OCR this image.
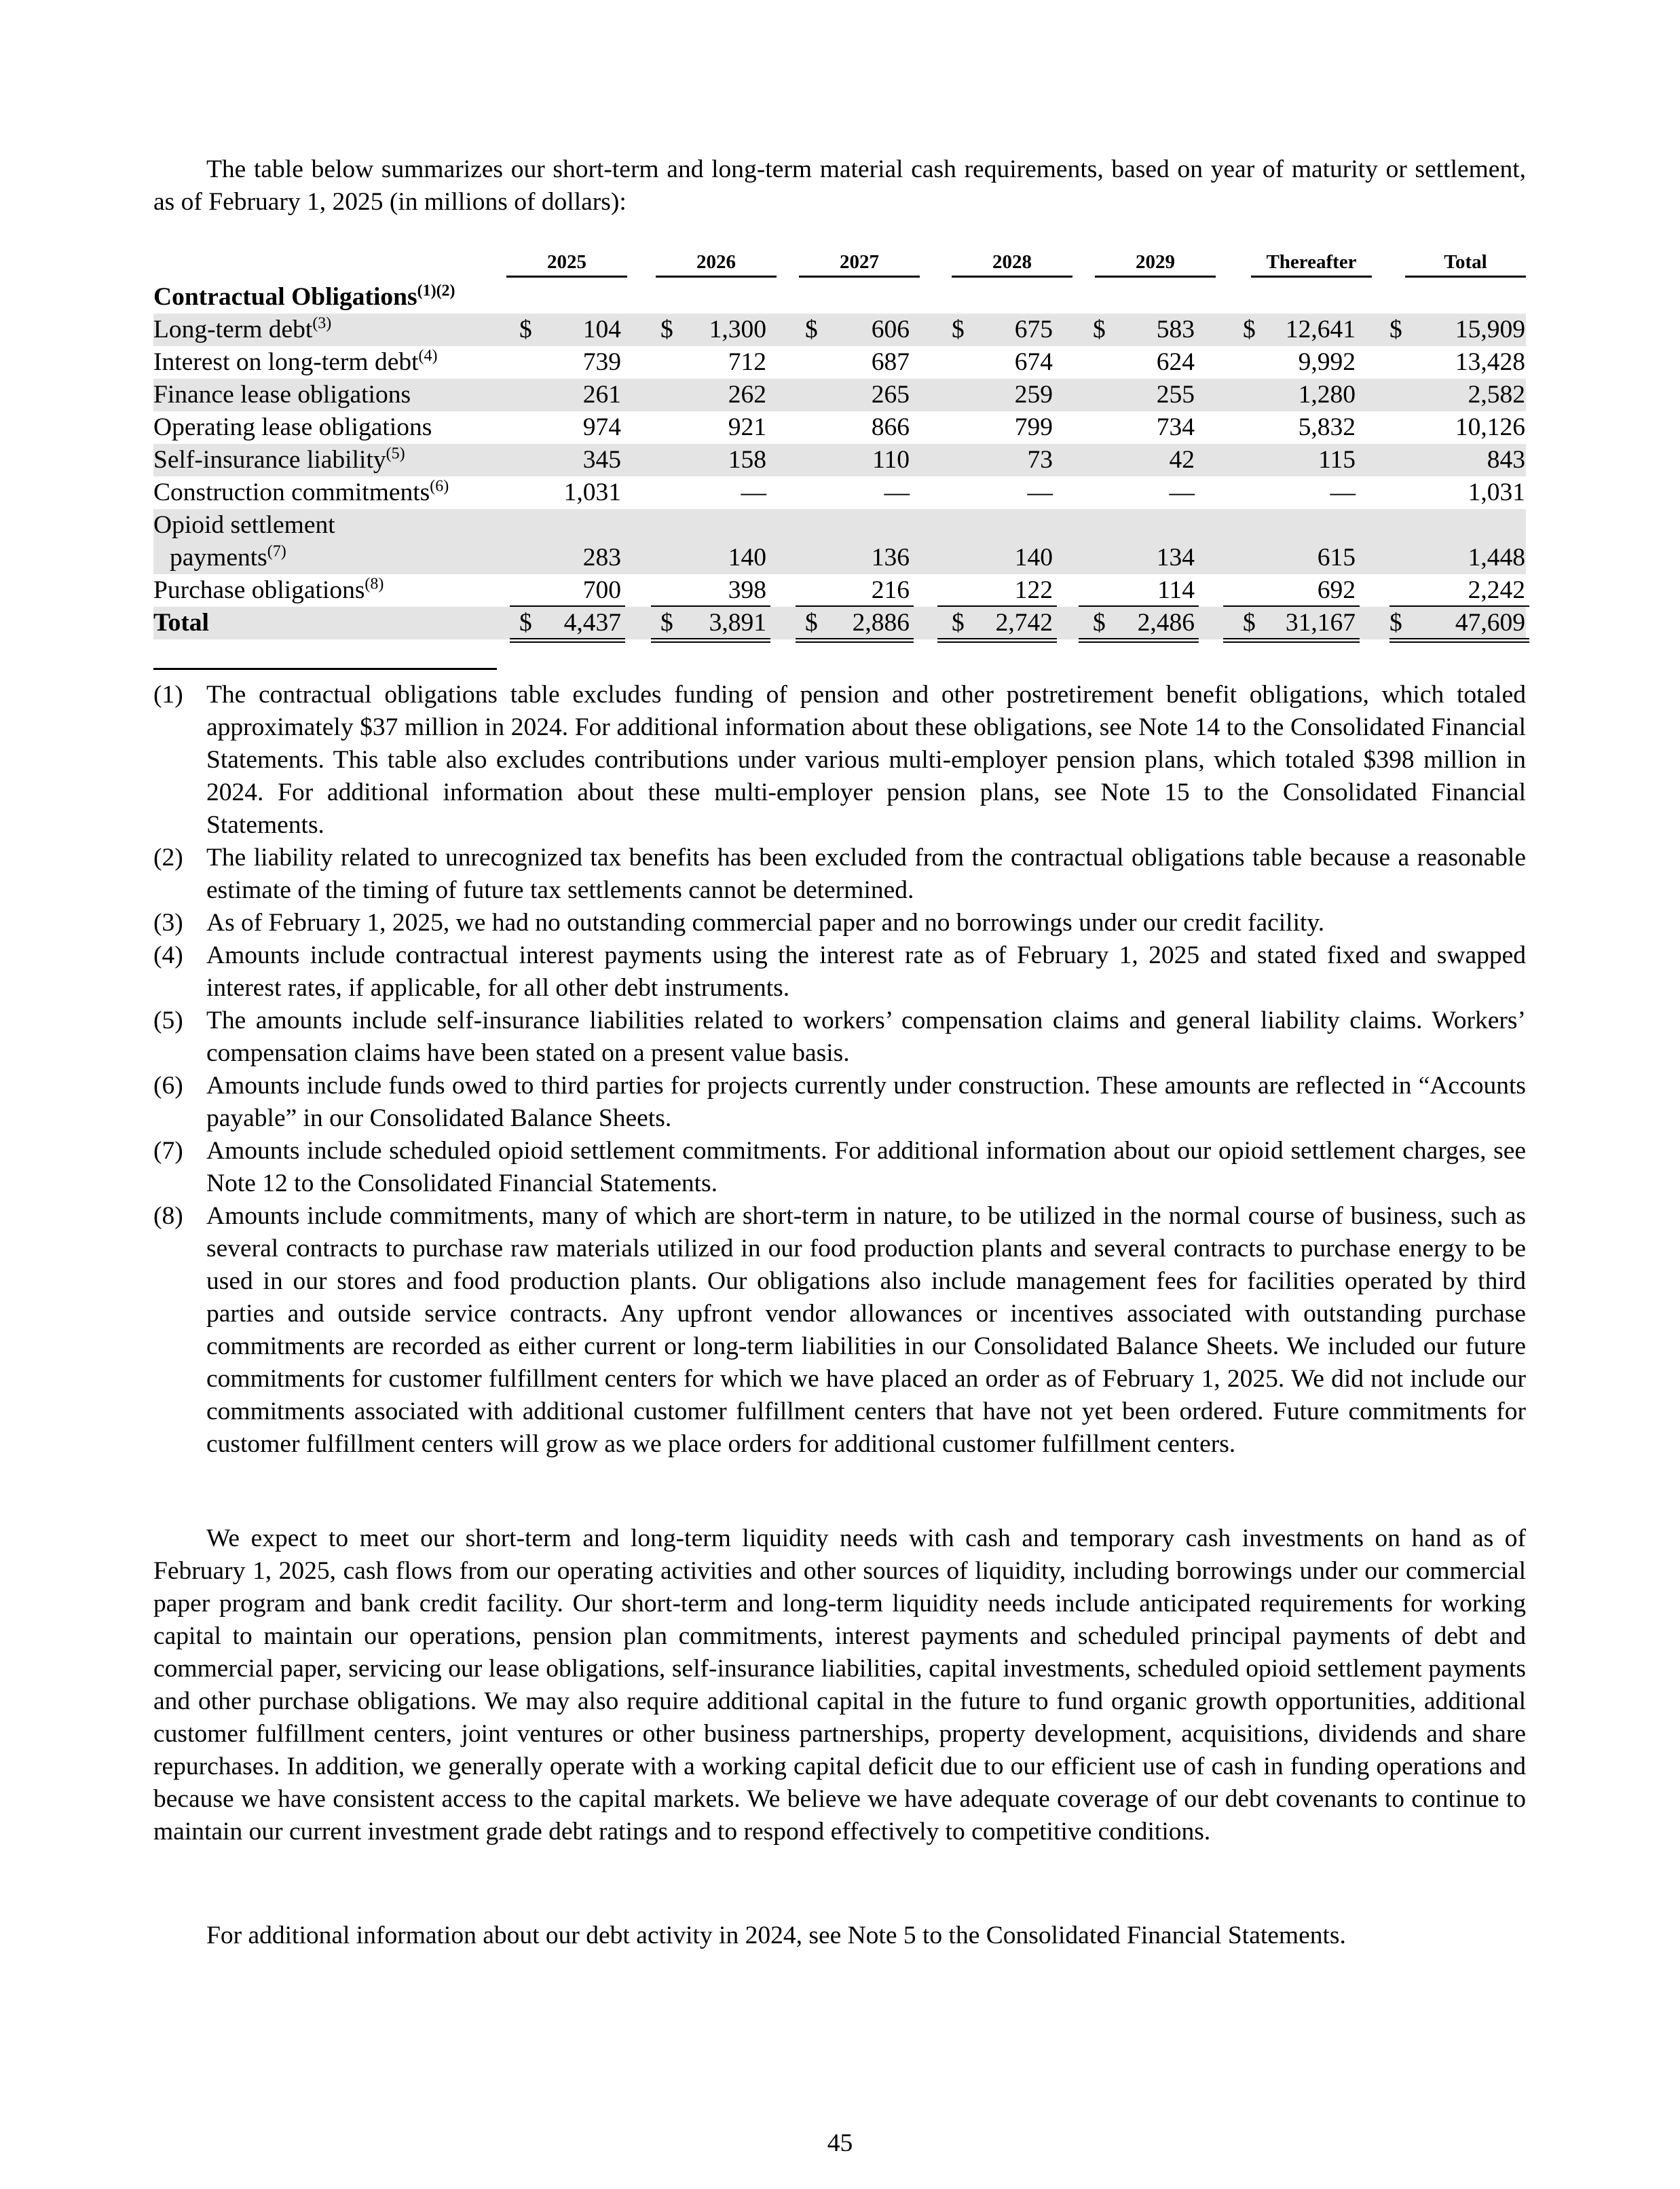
The table below summarizes our short-term and long-term material cash requirements, based on year of maturity or settlement, as of February 1, 2025 (in millions of dollars):

2025	2026	2027	2028	2029	Thereafter	Total
Contractual Obligations$^{(1)(2)}$
Long-term debt$^{(3)}$	$ 104 $ 1,300 $ 606 $ 675 $ 583 $ 12,641 $ 15,909
Interest on long-term debt$^{(4)}$	739	712	687	674	624	9,992	13,428
Finance lease obligations	261	262	265	259	255	1,280	2,582
Operating lease obligations	974	921	866	799	734	5,832	10,126
Self-insurance liability$^{(5)}$	345	158	110	73	42	115	843
Construction commitments$^{(6)}$	1,031	—	—	—	—	—	1,031
Opioid settlement
payments$^{(7)}$	283	140	136	140	134	615	1,448
Purchase obligations$^{(8)}$	700	398	216	122	114	692	2,242
Total	$ 4,437 $ 3,891 $ 2,886 $ 2,742 $ 2,486 $ 31,167 $ 47,609

(1) The contractual obligations table excludes funding of pension and other postretirement benefit obligations, which totaled approximately $37 million in 2024. For additional information about these obligations, see Note 14 to the Consolidated Financial Statements. This table also excludes contributions under various multi-employer pension plans, which totaled $398 million in 2024. For additional information about these multi-employer pension plans, see Note 15 to the Consolidated Financial Statements.

(2) The liability related to unrecognized tax benefits has been excluded from the contractual obligations table because a reasonable estimate of the timing of future tax settlements cannot be determined.

(3) As of February 1, 2025, we had no outstanding commercial paper and no borrowings under our credit facility.

(4) Amounts include contractual interest payments using the interest rate as of February 1, 2025 and stated fixed and swapped interest rates, if applicable, for all other debt instruments.

(5) The amounts include self-insurance liabilities related to workers’ compensation claims and general liability claims. Workers’ compensation claims have been stated on a present value basis.

(6) Amounts include funds owed to third parties for projects currently under construction. These amounts are reflected in “Accounts payable” in our Consolidated Balance Sheets.

(7) Amounts include scheduled opioid settlement commitments. For additional information about our opioid settlement charges, see Note 12 to the Consolidated Financial Statements.

(8) Amounts include commitments, many of which are short-term in nature, to be utilized in the normal course of business, such as several contracts to purchase raw materials utilized in our food production plants and several contracts to purchase energy to be used in our stores and food production plants. Our obligations also include management fees for facilities operated by third parties and outside service contracts. Any upfront vendor allowances or incentives associated with outstanding purchase commitments are recorded as either current or long-term liabilities in our Consolidated Balance Sheets. We included our future commitments for customer fulfillment centers for which we have placed an order as of February 1, 2025. We did not include our commitments associated with additional customer fulfillment centers that have not yet been ordered. Future commitments for customer fulfillment centers will grow as we place orders for additional customer fulfillment centers.

We expect to meet our short-term and long-term liquidity needs with cash and temporary cash investments on hand as of February 1, 2025, cash flows from our operating activities and other sources of liquidity, including borrowings under our commercial paper program and bank credit facility. Our short-term and long-term liquidity needs include anticipated requirements for working capital to maintain our operations, pension plan commitments, interest payments and scheduled principal payments of debt and commercial paper, servicing our lease obligations, self-insurance liabilities, capital investments, scheduled opioid settlement payments and other purchase obligations. We may also require additional capital in the future to fund organic growth opportunities, additional customer fulfillment centers, joint ventures or other business partnerships, property development, acquisitions, dividends and share repurchases. In addition, we generally operate with a working capital deficit due to our efficient use of cash in funding operations and because we have consistent access to the capital markets. We believe we have adequate coverage of our debt covenants to continue to maintain our current investment grade debt ratings and to respond effectively to competitive conditions.

For additional information about our debt activity in 2024, see Note 5 to the Consolidated Financial Statements.

45
